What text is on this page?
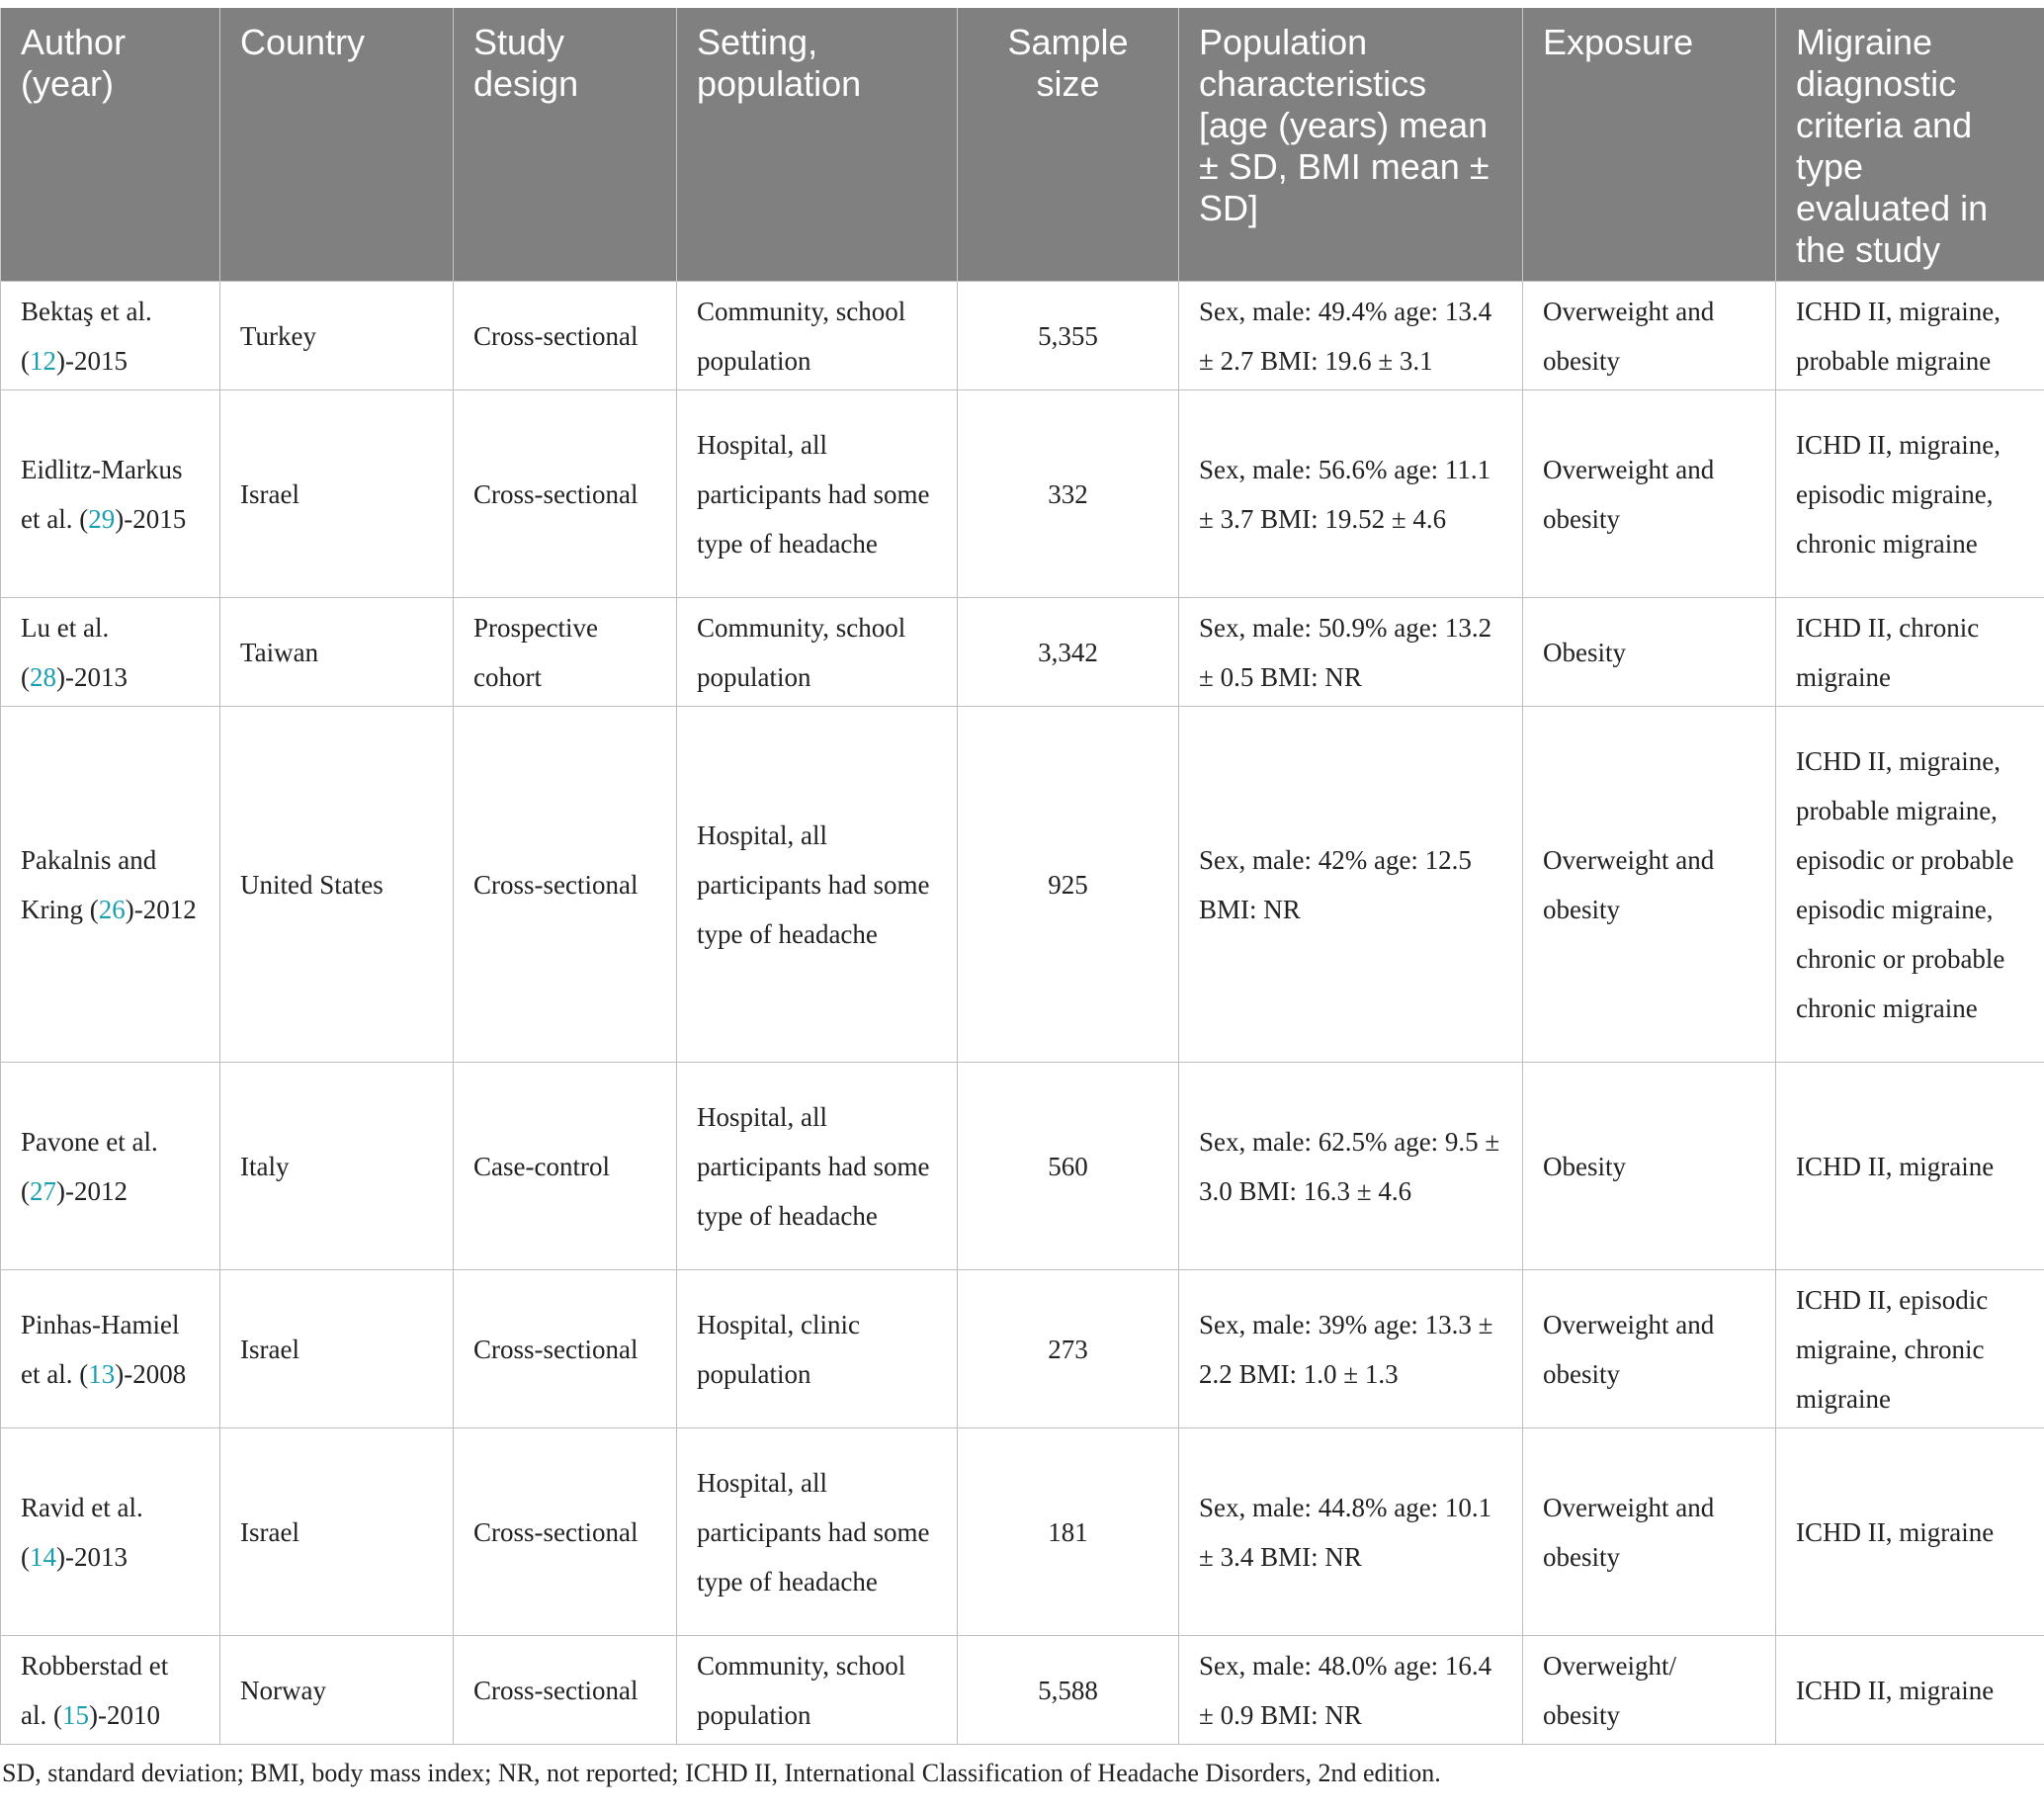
Author (year)	Country	Study design	Setting, population	Sample size	Population characteristics [age (years) mean ± SD, BMI mean ± SD]	Exposure	Migraine diagnostic criteria and type evaluated in the study
Bektaş et al. (12)-2015	Turkey	Cross-sectional	Community, school population	5,355	Sex, male: 49.4% age: 13.4 ± 2.7 BMI: 19.6 ± 3.1	Overweight and obesity	ICHD II, migraine, probable migraine
Eidlitz-Markus et al. (29)-2015	Israel	Cross-sectional	Hospital, all participants had some type of headache	332	Sex, male: 56.6% age: 11.1 ± 3.7 BMI: 19.52 ± 4.6	Overweight and obesity	ICHD II, migraine, episodic migraine, chronic migraine
Lu et al. (28)-2013	Taiwan	Prospective cohort	Community, school population	3,342	Sex, male: 50.9% age: 13.2 ± 0.5 BMI: NR	Obesity	ICHD II, chronic migraine
Pakalnis and Kring (26)-2012	United States	Cross-sectional	Hospital, all participants had some type of headache	925	Sex, male: 42% age: 12.5 BMI: NR	Overweight and obesity	ICHD II, migraine, probable migraine, episodic or probable episodic migraine, chronic or probable chronic migraine
Pavone et al. (27)-2012	Italy	Case-control	Hospital, all participants had some type of headache	560	Sex, male: 62.5% age: 9.5 ± 3.0 BMI: 16.3 ± 4.6	Obesity	ICHD II, migraine
Pinhas-Hamiel et al. (13)-2008	Israel	Cross-sectional	Hospital, clinic population	273	Sex, male: 39% age: 13.3 ± 2.2 BMI: 1.0 ± 1.3	Overweight and obesity	ICHD II, episodic migraine, chronic migraine
Ravid et al. (14)-2013	Israel	Cross-sectional	Hospital, all participants had some type of headache	181	Sex, male: 44.8% age: 10.1 ± 3.4 BMI: NR	Overweight and obesity	ICHD II, migraine
Robberstad et al. (15)-2010	Norway	Cross-sectional	Community, school population	5,588	Sex, male: 48.0% age: 16.4 ± 0.9 BMI: NR	Overweight/ obesity	ICHD II, migraine
SD, standard deviation; BMI, body mass index; NR, not reported; ICHD II, International Classification of Headache Disorders, 2nd edition.
